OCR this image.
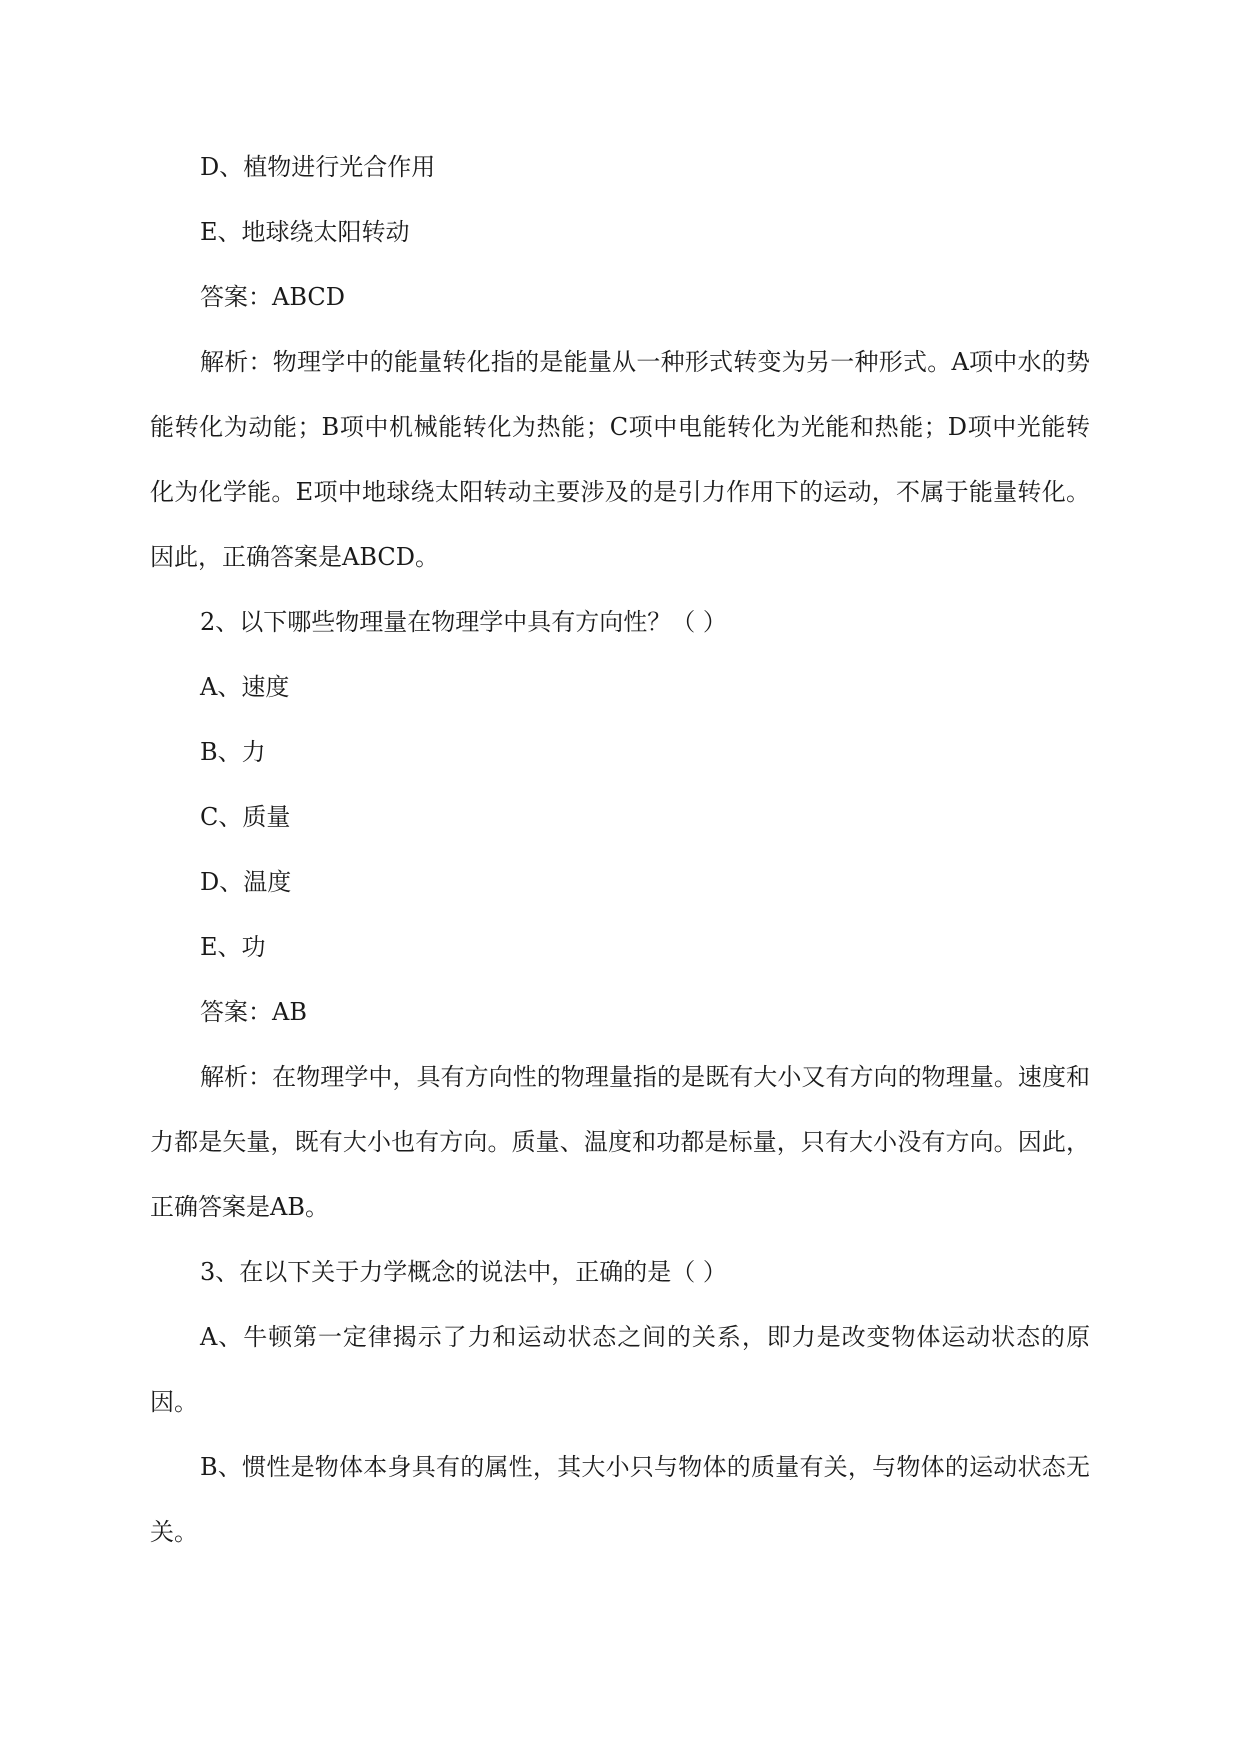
D、植物进行光合作用

E、地球绕太阳转动

答案：ABCD

解析：物理学中的能量转化指的是能量从一种形式转变为另一种形式。A项中水的势能转化为动能；B项中机械能转化为热能；C项中电能转化为光能和热能；D项中光能转化为化学能。E项中地球绕太阳转动主要涉及的是引力作用下的运动，不属于能量转化。因此，正确答案是ABCD。

2、以下哪些物理量在物理学中具有方向性？（ ）

A、速度

B、力

C、质量

D、温度

E、功

答案：AB

解析：在物理学中，具有方向性的物理量指的是既有大小又有方向的物理量。速度和力都是矢量，既有大小也有方向。质量、温度和功都是标量，只有大小没有方向。因此，正确答案是AB。

3、在以下关于力学概念的说法中，正确的是（ ）

A、牛顿第一定律揭示了力和运动状态之间的关系，即力是改变物体运动状态的原因。

B、惯性是物体本身具有的属性，其大小只与物体的质量有关，与物体的运动状态无关。
